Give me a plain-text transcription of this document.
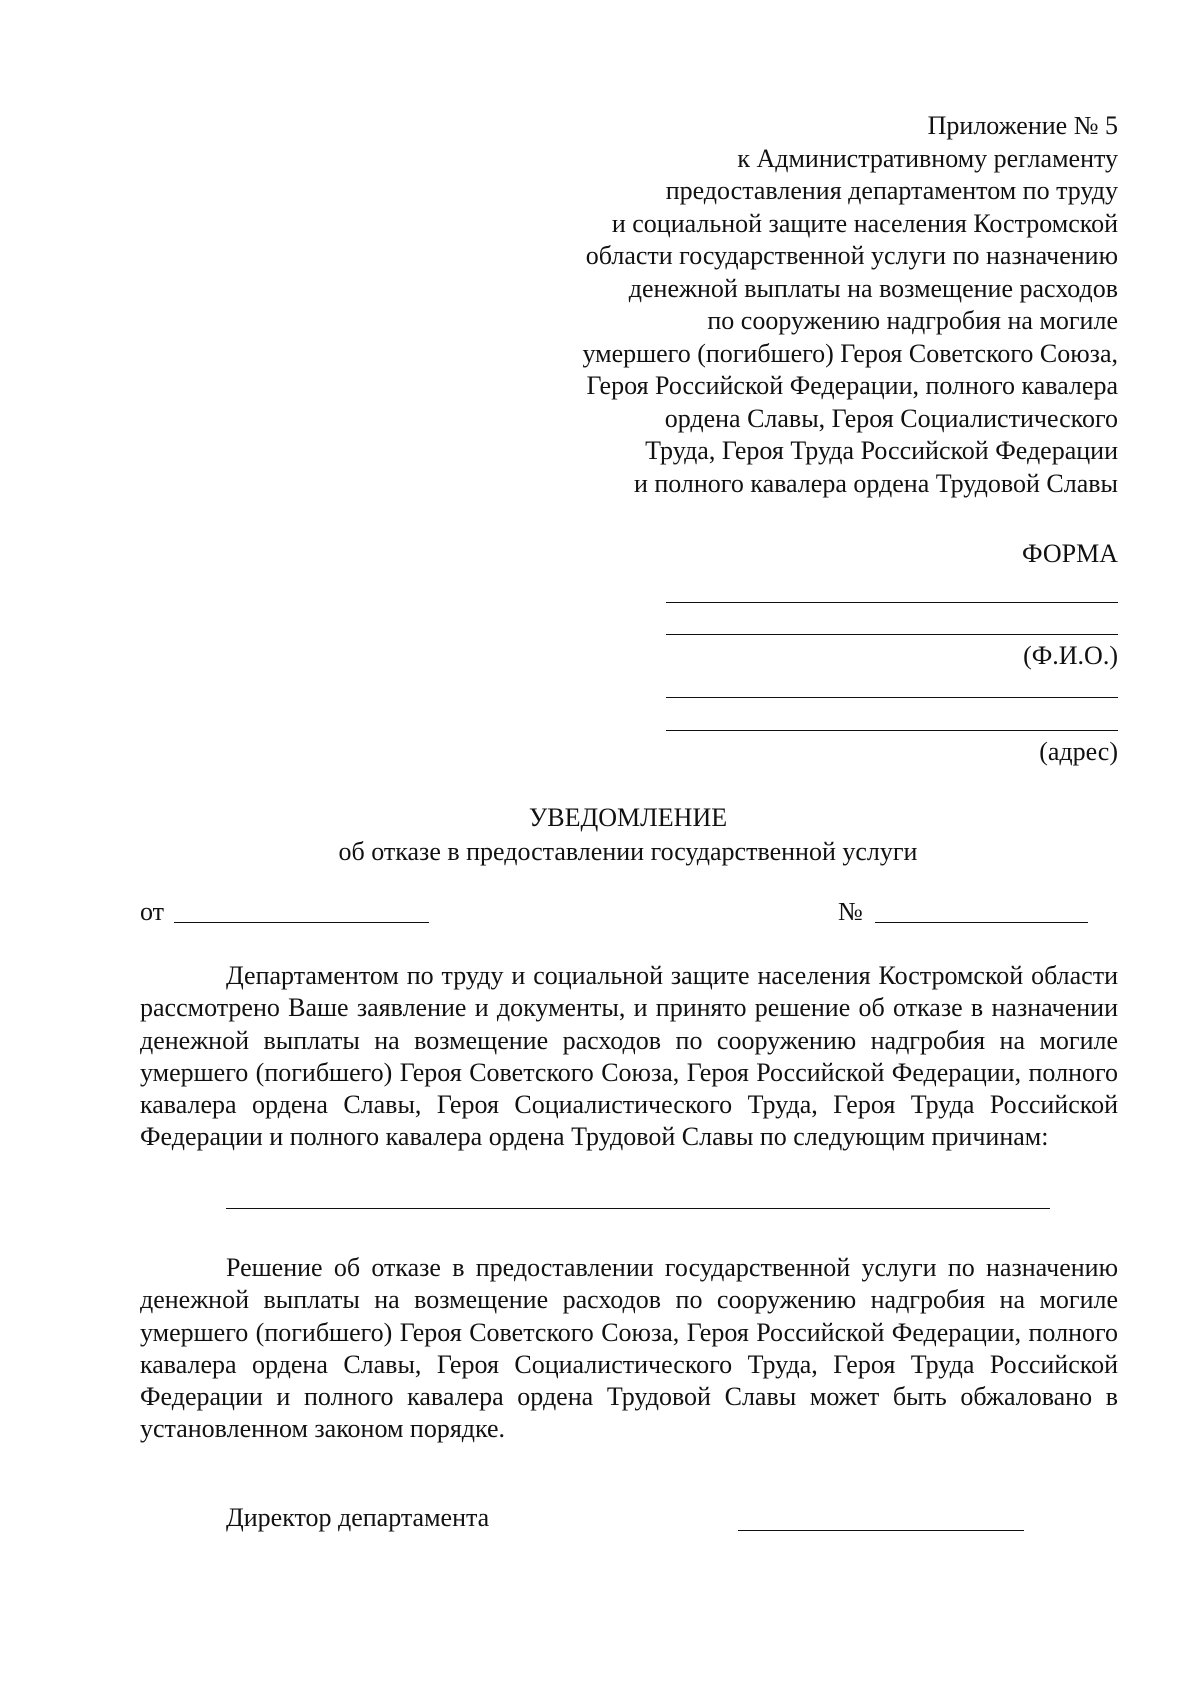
Приложение № 5
к Административному регламенту
предоставления департаментом по труду
и социальной защите населения Костромской
области государственной услуги по назначению
денежной выплаты на возмещение расходов
по сооружению надгробия на могиле
умершего (погибшего) Героя Советского Союза,
Героя Российской Федерации, полного кавалера
ордена Славы, Героя Социалистического
Труда, Героя Труда Российской Федерации
и полного кавалера ордена Трудовой Славы
ФОРМА
(Ф.И.О.)
(адрес)
УВЕДОМЛЕНИЕ
об отказе в предоставлении государственной услуги
от	№

Департаментом по труду и социальной защите населения Костромской области рассмотрено Ваше заявление и документы, и принято решение об отказе в назначении денежной выплаты на возмещение расходов по сооружению надгробия на могиле умершего (погибшего) Героя Советского Союза, Героя Российской Федерации, полного кавалера ордена Славы, Героя Социалистического Труда, Героя Труда Российской Федерации и полного кавалера ордена Трудовой Славы по следующим причинам:

Решение об отказе в предоставлении государственной услуги по назначению денежной выплаты на возмещение расходов по сооружению надгробия на могиле умершего (погибшего) Героя Советского Союза, Героя Российской Федерации, полного кавалера ордена Славы, Героя Социалистического Труда, Героя Труда Российской Федерации и полного кавалера ордена Трудовой Славы может быть обжаловано в установленном законом порядке.

Директор департамента
